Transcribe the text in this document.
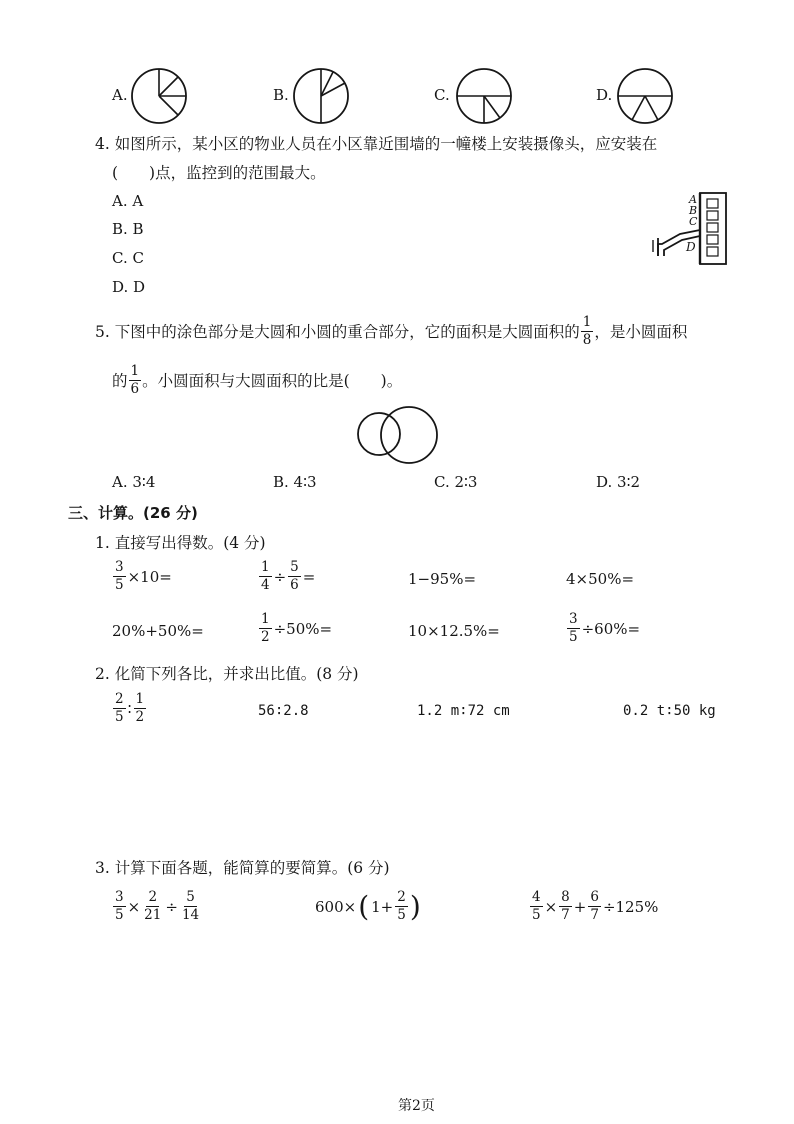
A.	B.	C.	D.
4. 如图所示，某小区的物业人员在小区靠近围墙的一幢楼上安装摄像头，应安装在
(　　)点，监控到的范围最大。
A. A
B. B
C. C
D. D
A
B
C
D
5. 下图中的涂色部分是大圆和小圆的重合部分，它的面积是大圆面积的 $\frac{1}{8}$ ，是小圆面积
的 $\frac{1}{6}$ 。小圆面积与大圆面积的比是(　　)。
A. 3∶4	B. 4∶3	C. 2∶3	D. 3∶2
三、计算。(26 分)
1. 直接写出得数。(4 分)
$\frac{3}{5} \times 10=$	$\frac{1}{4} \div \frac{5}{6}$ =	1−95%=	4×50%=
20%+50%=	$\frac{1}{2} \div 50\%=$	10×12.5%=	$\frac{3}{5} \div 60\%=$
2. 化简下列各比，并求出比值。(8 分)
$\frac{2}{5}$ ∶ $\frac{1}{2}$	56∶2.8	1.2 m∶72 cm	0.2 t∶50 kg
3. 计算下面各题，能简算的要简算。(6 分)
$\frac{3}{5} \times \frac{2}{21} \div \frac{5}{14}$	600× ( $1+ \frac{2}{5}$ )	$\frac{4}{5} \times \frac{8}{7} + \frac{6}{7} \div 125\%$
第2页
